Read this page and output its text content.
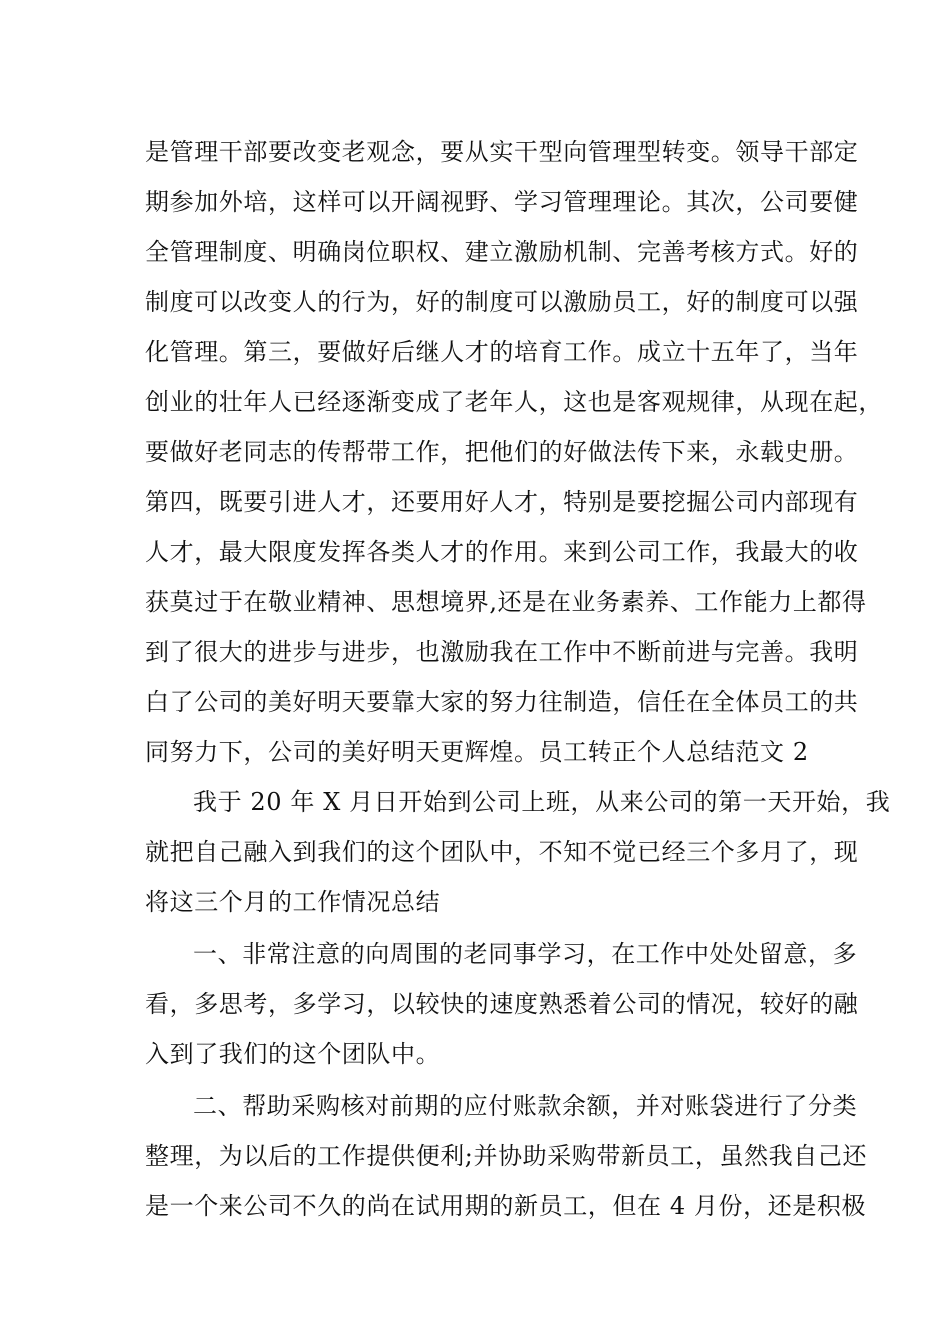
是管理干部要改变老观念，要从实干型向管理型转变。领导干部定
期参加外培，这样可以开阔视野、学习管理理论。其次，公司要健
全管理制度、明确岗位职权、建立激励机制、完善考核方式。好的
制度可以改变人的行为，好的制度可以激励员工，好的制度可以强
化管理。第三，要做好后继人才的培育工作。成立十五年了，当年
创业的壮年人已经逐渐变成了老年人，这也是客观规律，从现在起，
要做好老同志的传帮带工作，把他们的好做法传下来，永载史册。
第四，既要引进人才，还要用好人才，特别是要挖掘公司内部现有
人才，最大限度发挥各类人才的作用。来到公司工作，我最大的收
获莫过于在敬业精神、思想境界,还是在业务素养、工作能力上都得
到了很大的进步与进步，也激励我在工作中不断前进与完善。我明
白了公司的美好明天要靠大家的努力往制造，信任在全体员工的共
同努力下，公司的美好明天更辉煌。员工转正个人总结范文 2
我于 20 年 X 月日开始到公司上班，从来公司的第一天开始，我
就把自己融入到我们的这个团队中，不知不觉已经三个多月了，现
将这三个月的工作情况总结
一、非常注意的向周围的老同事学习，在工作中处处留意，多
看，多思考，多学习，以较快的速度熟悉着公司的情况，较好的融
入到了我们的这个团队中。
二、帮助采购核对前期的应付账款余额，并对账袋进行了分类
整理，为以后的工作提供便利;并协助采购带新员工，虽然我自己还
是一个来公司不久的尚在试用期的新员工，但在 4 月份，还是积极
